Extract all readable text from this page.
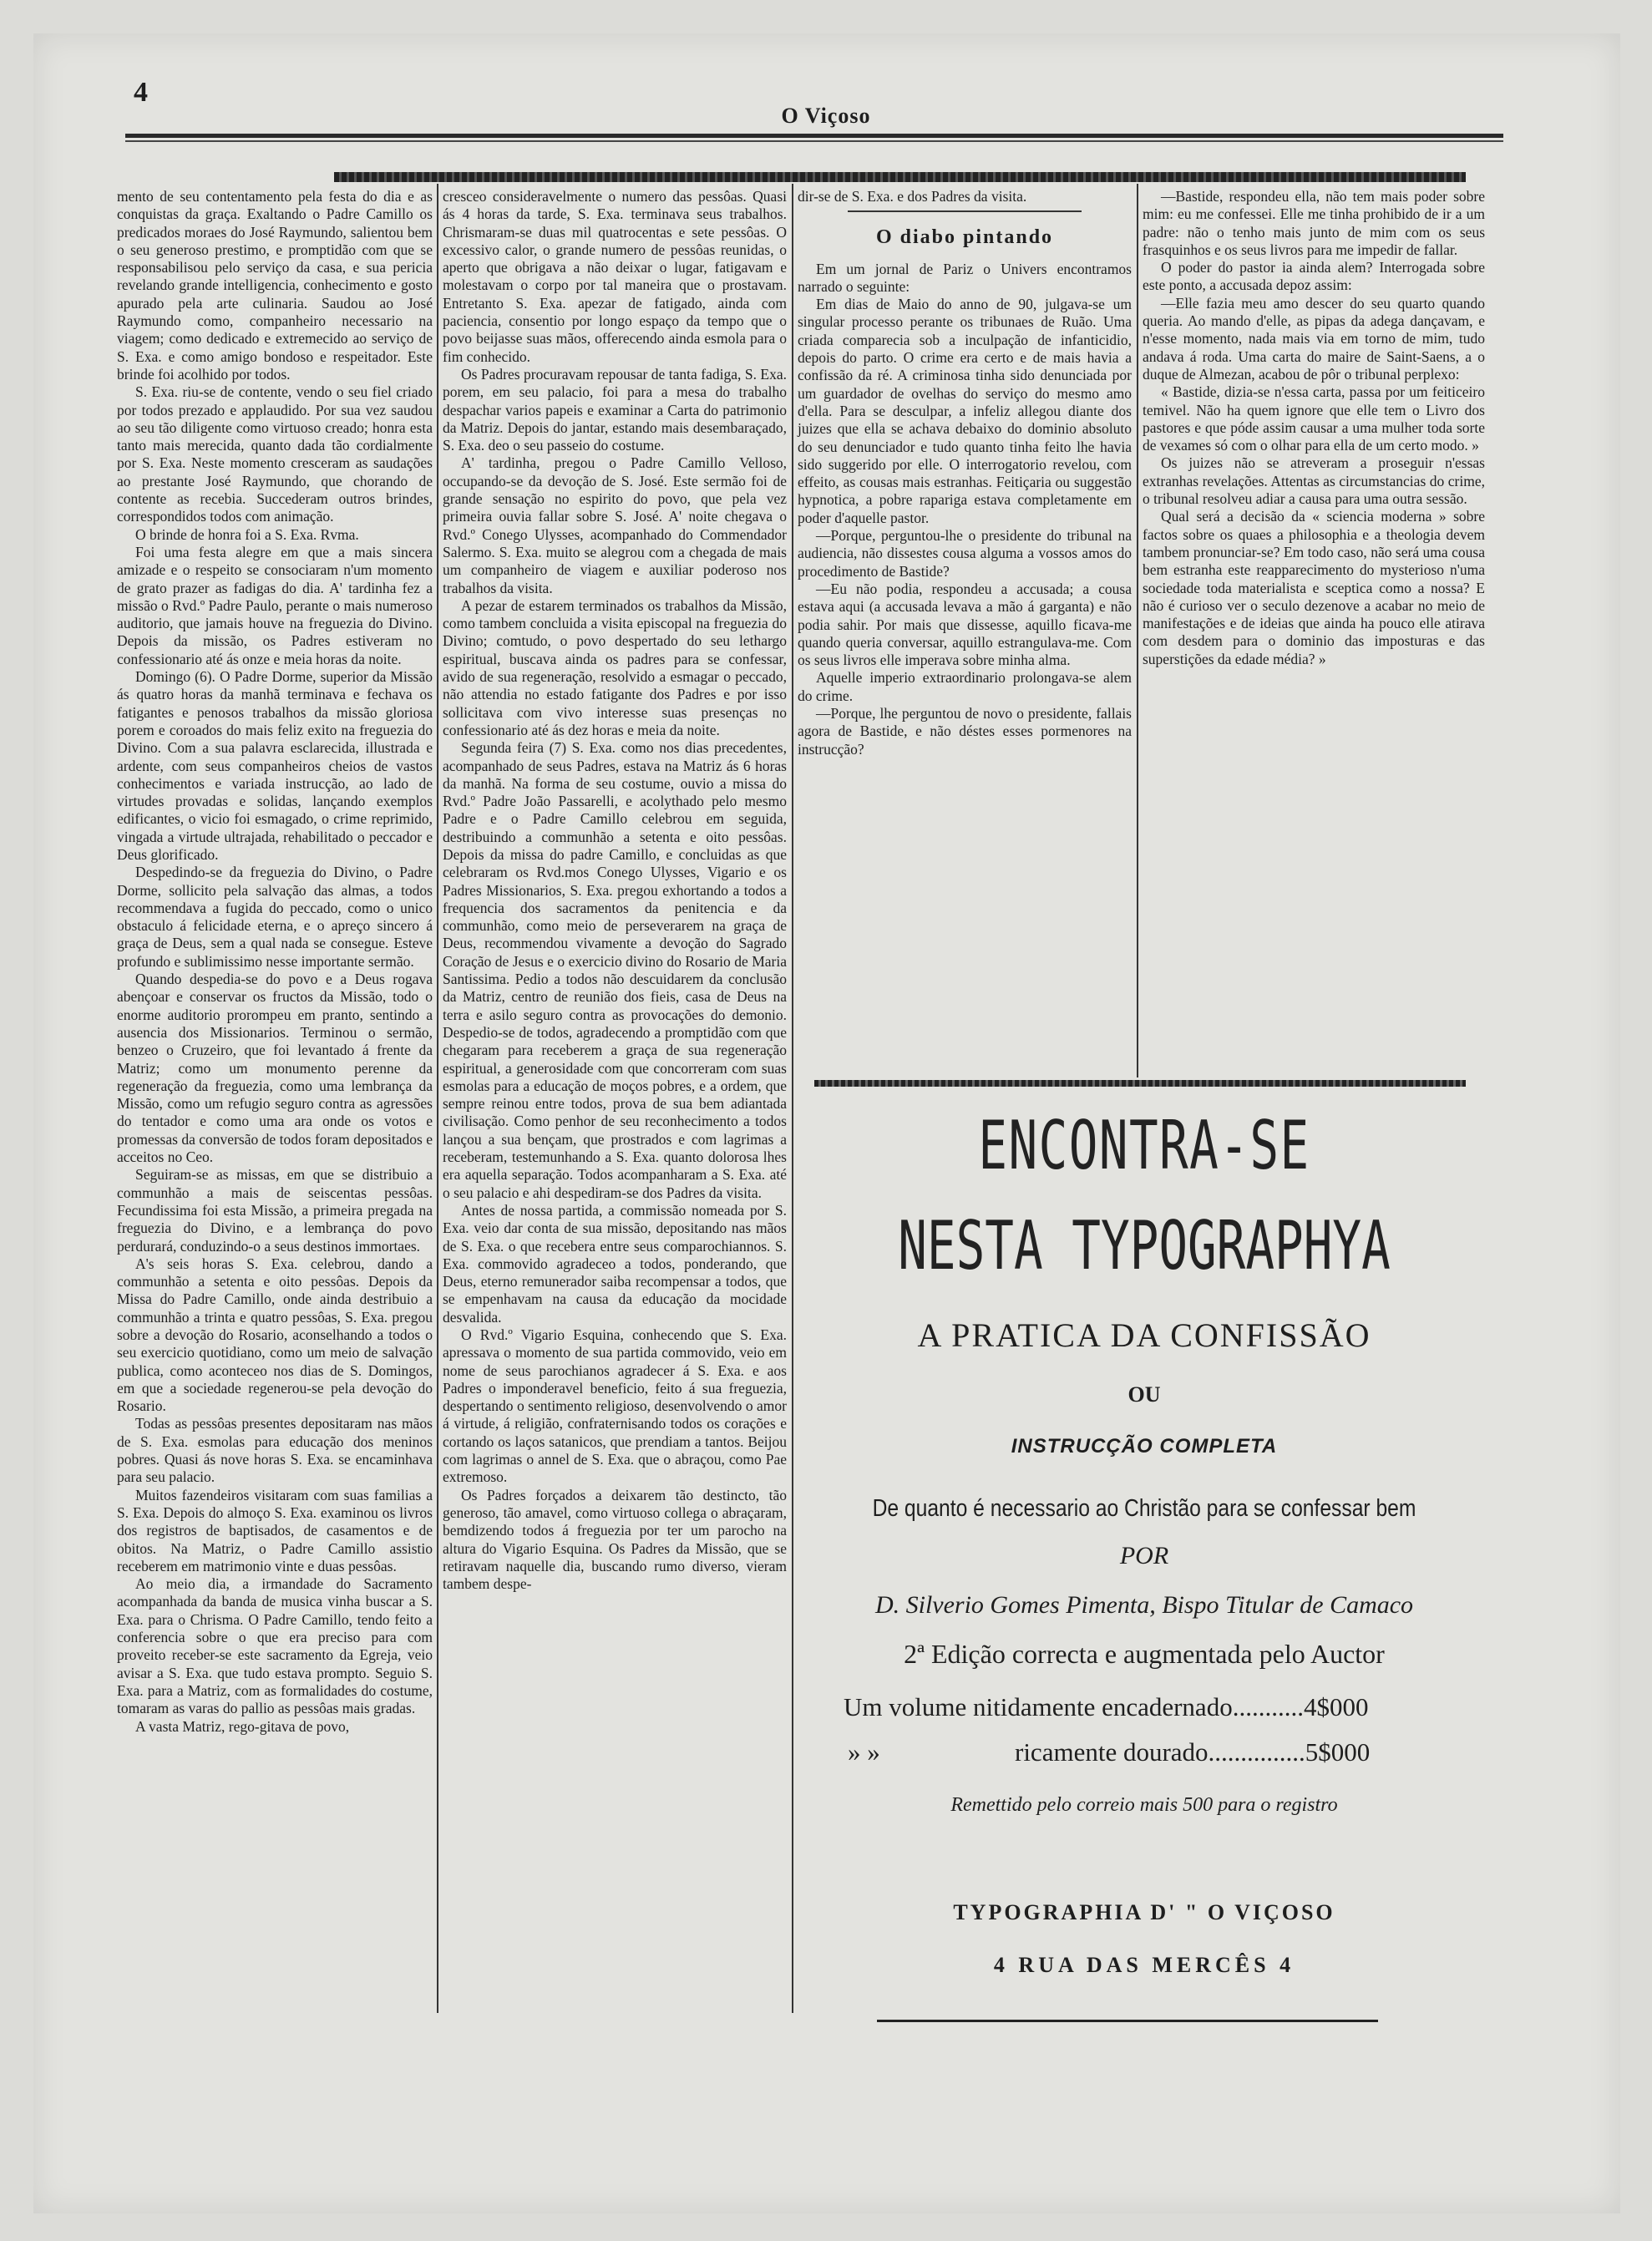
4
O Viçoso

mento de seu contentamento pela festa do dia e as conquistas da graça. Exaltando o Padre Camillo os predicados moraes do José Raymundo, salientou bem o seu generoso prestimo, e promptidão com que se responsabilisou pelo serviço da casa, e sua pericia revelando grande intelligencia, conhecimento e gosto apurado pela arte culinaria. Saudou ao José Raymundo como, companheiro necessario na viagem; como dedicado e extremecido ao serviço de S. Exa. e como amigo bondoso e respeitador. Este brinde foi acolhido por todos.

S. Exa. riu-se de contente, vendo o seu fiel criado por todos prezado e applaudido. Por sua vez saudou ao seu tão diligente como virtuoso creado; honra esta tanto mais merecida, quanto dada tão cordialmente por S. Exa. Neste momento cresceram as saudações ao prestante José Raymundo, que chorando de contente as recebia. Succederam outros brindes, correspondidos todos com animação.

O brinde de honra foi a S. Exa. Rvma.

Foi uma festa alegre em que a mais sincera amizade e o respeito se consociaram n'um momento de grato prazer as fadigas do dia. A' tardinha fez a missão o Rvd.º Padre Paulo, perante o mais numeroso auditorio, que jamais houve na freguezia do Divino. Depois da missão, os Padres estiveram no confessionario até ás onze e meia horas da noite.

Domingo (6). O Padre Dorme, superior da Missão ás quatro horas da manhã terminava e fechava os fatigantes e penosos trabalhos da missão gloriosa porem e coroados do mais feliz exito na freguezia do Divino. Com a sua palavra esclarecida, illustrada e ardente, com seus companheiros cheios de vastos conhecimentos e variada instrucção, ao lado de virtudes provadas e solidas, lançando exemplos edificantes, o vicio foi esmagado, o crime reprimido, vingada a virtude ultrajada, rehabilitado o peccador e Deus glorificado.

Despedindo-se da freguezia do Divino, o Padre Dorme, sollicito pela salvação das almas, a todos recommendava a fugida do peccado, como o unico obstaculo á felicidade eterna, e o apreço sincero á graça de Deus, sem a qual nada se consegue. Esteve profundo e sublimissimo nesse importante sermão.

Quando despedia-se do povo e a Deus rogava abençoar e conservar os fructos da Missão, todo o enorme auditorio prorompeu em pranto, sentindo a ausencia dos Missionarios. Terminou o sermão, benzeo o Cruzeiro, que foi levantado á frente da Matriz; como um monumento perenne da regeneração da freguezia, como uma lembrança da Missão, como um refugio seguro contra as agressões do tentador e como uma ara onde os votos e promessas da conversão de todos foram depositados e acceitos no Ceo.

Seguiram-se as missas, em que se distribuio a communhão a mais de seiscentas pessôas. Fecundissima foi esta Missão, a primeira pregada na freguezia do Divino, e a lembrança do povo perdurará, conduzindo-o a seus destinos immortaes.

A's seis horas S. Exa. celebrou, dando a communhão a setenta e oito pessôas. Depois da Missa do Padre Camillo, onde ainda destribuio a communhão a trinta e quatro pessôas, S. Exa. pregou sobre a devoção do Rosario, aconselhando a todos o seu exercicio quotidiano, como um meio de salvação publica, como aconteceo nos dias de S. Domingos, em que a sociedade regenerou-se pela devoção do Rosario.

Todas as pessôas presentes depositaram nas mãos de S. Exa. esmolas para educação dos meninos pobres. Quasi ás nove horas S. Exa. se encaminhava para seu palacio.

Muitos fazendeiros visitaram com suas familias a S. Exa. Depois do almoço S. Exa. examinou os livros dos registros de baptisados, de casamentos e de obitos. Na Matriz, o Padre Camillo assistio receberem em matrimonio vinte e duas pessôas.

Ao meio dia, a irmandade do Sacramento acompanhada da banda de musica vinha buscar a S. Exa. para o Chrisma. O Padre Camillo, tendo feito a conferencia sobre o que era preciso para com proveito receber-se este sacramento da Egreja, veio avisar a S. Exa. que tudo estava prompto. Seguio S. Exa. para a Matriz, com as formalidades do costume, tomaram as varas do pallio as pessôas mais gradas.

A vasta Matriz, rego-gitava de povo,

cresceo consideravelmente o numero das pessôas. Quasi ás 4 horas da tarde, S. Exa. terminava seus trabalhos. Chrismaram-se duas mil quatrocentas e sete pessôas. O excessivo calor, o grande numero de pessôas reunidas, o aperto que obrigava a não deixar o lugar, fatigavam e molestavam o corpo por tal maneira que o prostavam. Entretanto S. Exa. apezar de fatigado, ainda com paciencia, consentio por longo espaço da tempo que o povo beijasse suas mãos, offerecendo ainda esmola para o fim conhecido.

Os Padres procuravam repousar de tanta fadiga, S. Exa. porem, em seu palacio, foi para a mesa do trabalho despachar varios papeis e examinar a Carta do patrimonio da Matriz. Depois do jantar, estando mais desembaraçado, S. Exa. deo o seu passeio do costume.

A' tardinha, pregou o Padre Camillo Velloso, occupando-se da devoção de S. José. Este sermão foi de grande sensação no espirito do povo, que pela vez primeira ouvia fallar sobre S. José. A' noite chegava o Rvd.º Conego Ulysses, acompanhado do Commendador Salermo. S. Exa. muito se alegrou com a chegada de mais um companheiro de viagem e auxiliar poderoso nos trabalhos da visita.

A pezar de estarem terminados os trabalhos da Missão, como tambem concluida a visita episcopal na freguezia do Divino; comtudo, o povo despertado do seu lethargo espiritual, buscava ainda os padres para se confessar, avido de sua regeneração, resolvido a esmagar o peccado, não attendia no estado fatigante dos Padres e por isso sollicitava com vivo interesse suas presenças no confessionario até ás dez horas e meia da noite.

Segunda feira (7) S. Exa. como nos dias precedentes, acompanhado de seus Padres, estava na Matriz ás 6 horas da manhã. Na forma de seu costume, ouvio a missa do Rvd.º Padre João Passarelli, e acolythado pelo mesmo Padre e o Padre Camillo celebrou em seguida, destribuindo a communhão a setenta e oito pessôas. Depois da missa do padre Camillo, e concluidas as que celebraram os Rvd.mos Conego Ulysses, Vigario e os Padres Missionarios, S. Exa. pregou exhortando a todos a frequencia dos sacramentos da penitencia e da communhão, como meio de perseverarem na graça de Deus, recommendou vivamente a devoção do Sagrado Coração de Jesus e o exercicio divino do Rosario de Maria Santissima. Pedio a todos não descuidarem da conclusão da Matriz, centro de reunião dos fieis, casa de Deus na terra e asilo seguro contra as provocações do demonio. Despedio-se de todos, agradecendo a promptidão com que chegaram para receberem a graça de sua regeneração espiritual, a generosidade com que concorreram com suas esmolas para a educação de moços pobres, e a ordem, que sempre reinou entre todos, prova de sua bem adiantada civilisação. Como penhor de seu reconhecimento a todos lançou a sua bençam, que prostrados e com lagrimas a receberam, testemunhando a S. Exa. quanto dolorosa lhes era aquella separação. Todos acompanharam a S. Exa. até o seu palacio e ahi despediram-se dos Padres da visita.

Antes de nossa partida, a commissão nomeada por S. Exa. veio dar conta de sua missão, depositando nas mãos de S. Exa. o que recebera entre seus comparochiannos. S. Exa. commovido agradeceo a todos, ponderando, que Deus, eterno remunerador saiba recompensar a todos, que se empenhavam na causa da educação da mocidade desvalida.

O Rvd.º Vigario Esquina, conhecendo que S. Exa. apressava o momento de sua partida commovido, veio em nome de seus parochianos agradecer á S. Exa. e aos Padres o imponderavel beneficio, feito á sua freguezia, despertando o sentimento religioso, desenvolvendo o amor á virtude, á religião, confraternisando todos os corações e cortando os laços satanicos, que prendiam a tantos. Beijou com lagrimas o annel de S. Exa. que o abraçou, como Pae extremoso.

Os Padres forçados a deixarem tão destincto, tão generoso, tão amavel, como virtuoso collega o abraçaram, bemdizendo todos á freguezia por ter um parocho na altura do Vigario Esquina. Os Padres da Missão, que se retiravam naquelle dia, buscando rumo diverso, vieram tambem despe-

dir-se de S. Exa. e dos Padres da visita.

O diabo pintando

Em um jornal de Pariz o Univers encontramos narrado o seguinte:

Em dias de Maio do anno de 90, julgava-se um singular processo perante os tribunaes de Ruão. Uma criada comparecia sob a inculpação de infanticidio, depois do parto. O crime era certo e de mais havia a confissão da ré. A criminosa tinha sido denunciada por um guardador de ovelhas do serviço do mesmo amo d'ella. Para se desculpar, a infeliz allegou diante dos juizes que ella se achava debaixo do dominio absoluto do seu denunciador e tudo quanto tinha feito lhe havia sido suggerido por elle. O interrogatorio revelou, com effeito, as cousas mais estranhas. Feitiçaria ou suggestão hypnotica, a pobre rapariga estava completamente em poder d'aquelle pastor.

—Porque, perguntou-lhe o presidente do tribunal na audiencia, não dissestes cousa alguma a vossos amos do procedimento de Bastide?

—Eu não podia, respondeu a accusada; a cousa estava aqui (a accusada levava a mão á garganta) e não podia sahir. Por mais que dissesse, aquillo ficava-me quando queria conversar, aquillo estrangulava-me. Com os seus livros elle imperava sobre minha alma.

Aquelle imperio extraordinario prolongava-se alem do crime.

—Porque, lhe perguntou de novo o presidente, fallais agora de Bastide, e não déstes esses pormenores na instrucção?

—Bastide, respondeu ella, não tem mais poder sobre mim: eu me confessei. Elle me tinha prohibido de ir a um padre: não o tenho mais junto de mim com os seus frasquinhos e os seus livros para me impedir de fallar.

O poder do pastor ia ainda alem? Interrogada sobre este ponto, a accusada depoz assim:

—Elle fazia meu amo descer do seu quarto quando queria. Ao mando d'elle, as pipas da adega dançavam, e n'esse momento, nada mais via em torno de mim, tudo andava á roda. Uma carta do maire de Saint-Saens, a o duque de Almezan, acabou de pôr o tribunal perplexo:

« Bastide, dizia-se n'essa carta, passa por um feiticeiro temivel. Não ha quem ignore que elle tem o Livro dos pastores e que póde assim causar a uma mulher toda sorte de vexames só com o olhar para ella de um certo modo. »

Os juizes não se atreveram a proseguir n'essas extranhas revelações. Attentas as circumstancias do crime, o tribunal resolveu adiar a causa para uma outra sessão.

Qual será a decisão da « sciencia moderna » sobre factos sobre os quaes a philosophia e a theologia devem tambem pronunciar-se? Em todo caso, não será uma cousa bem estranha este reapparecimento do mysterioso n'uma sociedade toda materialista e sceptica como a nossa? E não é curioso ver o seculo dezenove a acabar no meio de manifestações e de ideias que ainda ha pouco elle atirava com desdem para o dominio das imposturas e das superstições da edade média? »

ENCONTRA-SE
NESTA TYPOGRAPHYA
A PRATICA DA CONFISSÃO
OU
INSTRUCÇÃO COMPLETA
De quanto é necessario ao Christão para se confessar bem
POR
D. Silverio Gomes Pimenta, Bispo Titular de Camaco
2ª Edição correcta e augmentada pelo Auctor
Um volume nitidamente encadernado...........4$000
» »	ricamente dourado...............5$000
Remettido pelo correio mais 500 para o registro
TYPOGRAPHIA D' " O VIÇOSO
4 RUA DAS MERCÊS 4
